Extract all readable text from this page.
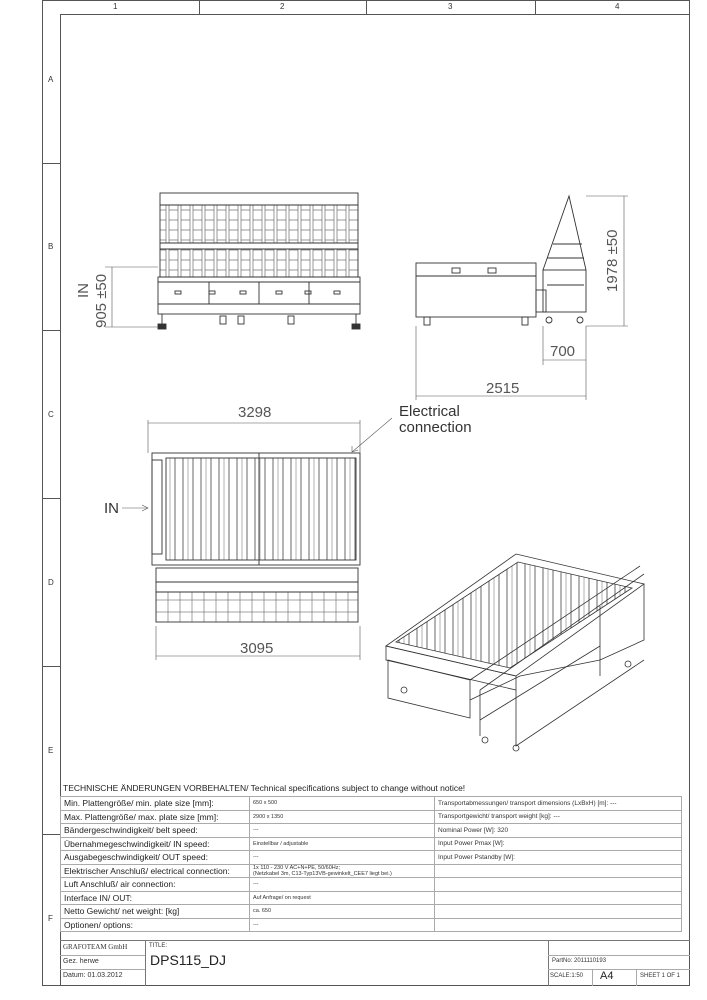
1	2	3	4
A
B
C
D
E
F
IN 905 ±50
1978 ±50
700
2515
3298
3095
IN
Electrical
connection
TECHNISCHE ÄNDERUNGEN VORBEHALTEN/ Technical specifications subject to change without notice!
Min. Plattengröße/ min. plate size [mm]:	650 x 500	Transportabmessungen/ transport dimensions (LxBxH) [m]: ---
Max. Plattengröße/ max. plate size [mm]:	2900 x 1350	Transportgewicht/ transport weight [kg]: ---
Bändergeschwindigkeit/ belt speed:	---	Nominal Power [W]: 320
Übernahmegeschwindigkeit/ IN speed:	Einstellbar / adjustable	Input Power Pmax [W]:
Ausgabegeschwindigkeit/ OUT speed:	---	Input Power Pstandby [W]:
Elektrischer Anschluß/ electrical connection:	1x 110 - 230 V AC+N+PE, 50/60Hz;
(Netzkabel 3m, C13-Typ13VB-gewinkelt_CEE7 liegt bei.)	
Luft Anschluß/ air connection:	---	
Interface IN/ OUT:	Auf Anfrage/ on request	
Netto Gewicht/ net weight: [kg]	ca. 650	
Optionen/ options:	---	
GRAFOTEAM GmbH
Gez. herwe
Datum: 01.03.2012
TITLE:
DPS115_DJ	PartNo: 2011110193
SCALE:1:50 A4	SHEET 1 OF 1
